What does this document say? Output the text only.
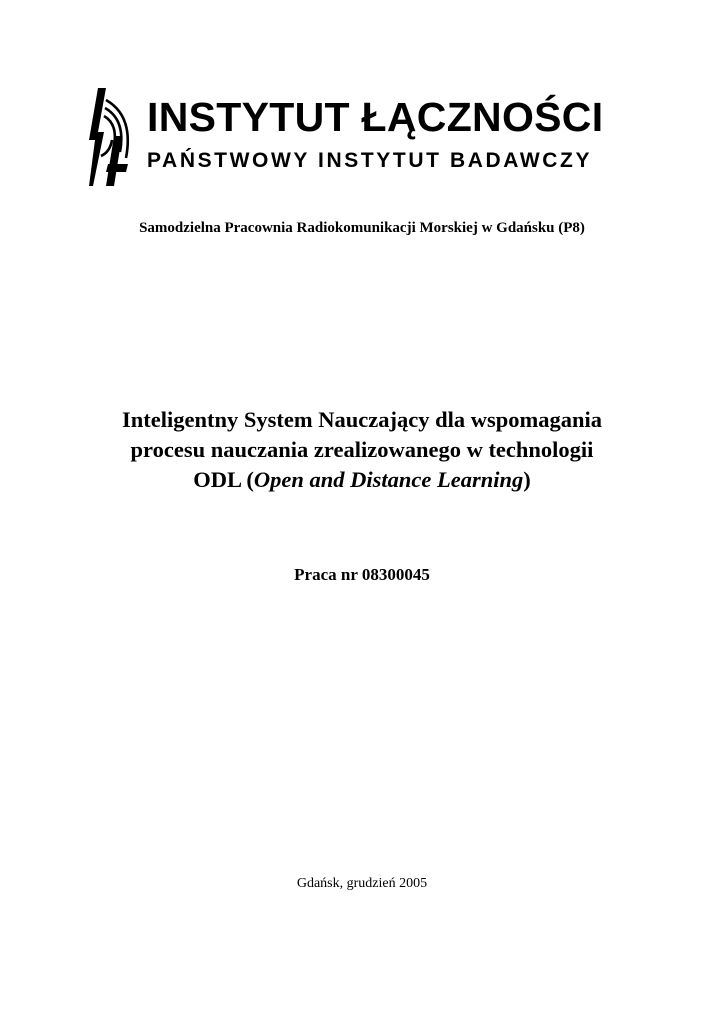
INSTYTUT ŁĄCZNOŚCI
PAŃSTWOWY INSTYTUT BADAWCZY
Samodzielna Pracownia Radiokomunikacji Morskiej w Gdańsku (P8)
Inteligentny System Nauczający dla wspomagania
procesu nauczania zrealizowanego w technologii
ODL (Open and Distance Learning)
Praca nr 08300045
Gdańsk, grudzień 2005
